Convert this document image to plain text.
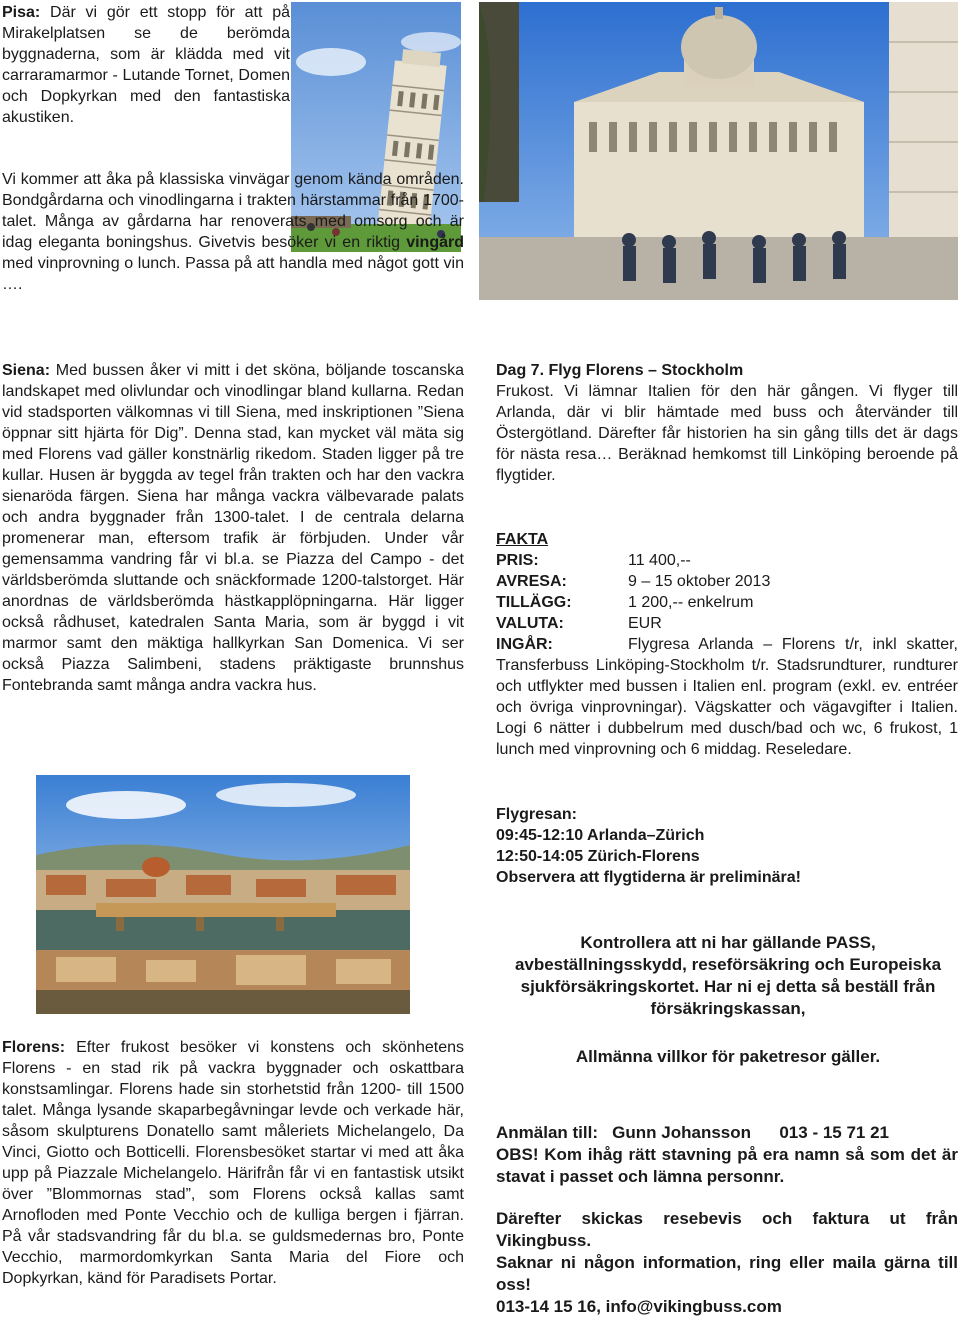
Pisa: Där vi gör ett stopp för att på Mirakelplatsen se de berömda byggnaderna, som är klädda med vit carraramarmor - Lutande Tornet, Domen och Dopkyrkan med den fantastiska akustiken.

Vi kommer att åka på klassiska vinvägar genom kända områden. Bondgårdarna och vinodlingarna i trakten härstammar från 1700-talet. Många av gårdarna har renoverats med omsorg och är idag eleganta boningshus. Givetvis besöker vi en riktig vingård med vinprovning o lunch. Passa på att handla med något gott vin ….

Siena: Med bussen åker vi mitt i det sköna, böljande toscanska landskapet med olivlundar och vinodlingar bland kullarna. Redan vid stadsporten välkomnas vi till Siena, med inskriptionen ”Siena öppnar sitt hjärta för Dig”. Denna stad, kan mycket väl mäta sig med Florens vad gäller konstnärlig rikedom. Staden ligger på tre kullar. Husen är byggda av tegel från trakten och har den vackra sienaröda färgen. Siena har många vackra välbevarade palats och andra byggnader från 1300-talet. I de centrala delarna promenerar man, eftersom trafik är förbjuden. Under vår gemensamma vandring får vi bl.a. se Piazza del Campo - det världsberömda sluttande och snäckformade 1200-talstorget. Här anordnas de världsberömda hästkapplöpningarna. Här ligger också rådhuset, katedralen Santa Maria, som är byggd i vit marmor samt den mäktiga hallkyrkan San Domenica. Vi ser också Piazza Salimbeni, stadens präktigaste brunnshus Fontebranda samt många andra vackra hus.

Florens: Efter frukost besöker vi konstens och skönhetens Florens - en stad rik på vackra byggnader och oskattbara konstsamlingar. Florens hade sin storhetstid från 1200- till 1500 talet. Många lysande skaparbegåvningar levde och verkade här, såsom skulpturens Donatello samt måleriets Michelangelo, Da Vinci, Giotto och Botticelli. Florensbesöket startar vi med att åka upp på Piazzale Michelangelo. Härifrån får vi en fantastisk utsikt över ”Blommornas stad”, som Florens också kallas samt Arnofloden med Ponte Vecchio och de kulliga bergen i fjärran. På vår stadsvandring får du bl.a. se guldsmedernas bro, Ponte Vecchio, marmordomkyrkan Santa Maria del Fiore och Dopkyrkan, känd för Paradisets Portar.

Dag 7. Flyg Florens – Stockholm

Frukost. Vi lämnar Italien för den här gången. Vi flyger till Arlanda, där vi blir hämtade med buss och återvänder till Östergötland. Därefter får historien ha sin gång tills det är dags för nästa resa… Beräknad hemkomst till Linköping beroende på flygtider.

FAKTA

PRIS:	11 400,--
AVRESA:	9 – 15 oktober 2013
TILLÄGG:	1 200,-- enkelrum
VALUTA:	EUR

INGÅR:	Flygresa Arlanda – Florens t/r, inkl skatter, Transferbuss Linköping-Stockholm t/r. Stadsrundturer, rundturer och utflykter med bussen i Italien enl. program (exkl. ev. entréer och övriga vinprovningar). Vägskatter och vägavgifter i Italien. Logi 6 nätter i dubbelrum med dusch/bad och wc, 6 frukost, 1 lunch med vinprovning och 6 middag. Reseledare.

Flygresan:

09:45-12:10 Arlanda–Zürich

12:50-14:05 Zürich-Florens

Observera att flygtiderna är preliminära!

Kontrollera att ni har gällande PASS, avbeställningsskydd, reseförsäkring och Europeiska sjukförsäkringskortet. Har ni ej detta så beställ från försäkringskassan,

Allmänna villkor för paketresor gäller.

Anmälan till:   Gunn Johansson      013 - 15 71 21

OBS! Kom ihåg rätt stavning på era namn så som det är stavat i passet och lämna personnr.

Därefter skickas resebevis och faktura ut från Vikingbuss.

Saknar ni någon information, ring eller maila gärna till oss!

013-14 15 16, info@vikingbuss.com
